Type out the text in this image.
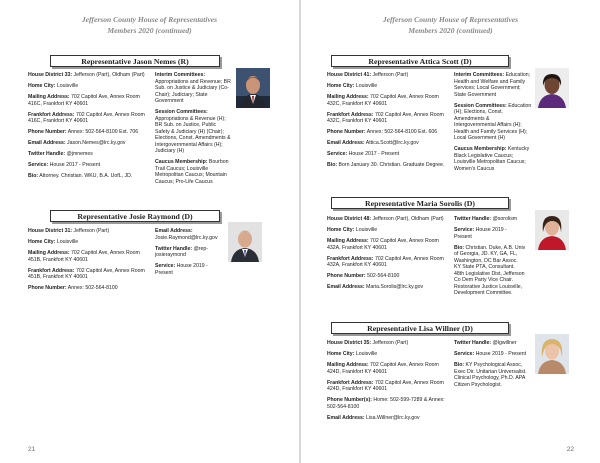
Jefferson County House of Representatives
Members 2020 (continued)
Representative Jason Nemes (R)

House District 33: Jefferson (Part), Oldham (Part)

Home City: Louisville

Mailing Address: 702 Capitol Ave, Annex Room 416C, Frankfort KY 40601

Frankfort Address: 702 Capitol Ave, Annex Room 416C, Frankfort KY 40601

Phone Number: Annex: 502-564-8100 Ext. 706

Email Address: Jason.Nemes@lrc.ky.gov

Twitter Handle: @jmnemes

Service: House 2017 - Present

Bio: Attorney. Christian. WKU, B.A. UofL, JD.

Interim Committees: Appropriations and Revenue; BR Sub. on Justice & Judiciary (Co-Chair); Judiciary; State Government

Session Committees: Appropriations & Revenue (H); BR Sub. on Justice, Public Safety & Judiciary (H) (Chair); Elections, Const. Amendments & Intergovernmental Affairs (H); Judiciary (H)

Caucus Membership: Bourbon Trail Caucus; Louisville Metropolitan Caucus; Mountain Caucus; Pro-Life Caucus

Representative Josie Raymond (D)

House District 31: Jefferson (Part)

Home City: Louisville

Mailing Address: 702 Capitol Ave, Annex Room 451B, Frankfort KY 40601

Frankfort Address: 702 Capitol Ave, Annex Room 451B, Frankfort KY 40601

Phone Number: Annex: 502-564-8100

Email Address: Josie.Raymond@lrc.ky.gov

Twitter Handle: @rep-josieraymond

Service: House 2019 - Present

21
Jefferson County House of Representatives
Members 2020 (continued)
Representative Attica Scott (D)

House District 41: Jefferson (Part)

Home City: Louisville

Mailing Address: 702 Capitol Ave, Annex Room 432C, Frankfort KY 40601

Frankfort Address: 702 Capitol Ave, Annex Room 432C, Frankfort KY 40601

Phone Number: Annex: 502-564-8100 Ext. 606

Email Address: Attica.Scott@lrc.ky.gov

Service: House 2017 - Present

Bio: Born January 30. Christian. Graduate Degree.

Interim Committees: Education; Health and Welfare and Family Services; Local Government; State Government

Session Committees: Education (H); Elections, Const. Amendments & Intergovernmental Affairs (H); Health and Family Services (H); Local Government (H)

Caucus Membership: Kentucky Black Legislative Caucus; Louisville Metropolitan Caucus; Women's Caucus

Representative Maria Sorolis (D)

House District 48: Jefferson (Part), Oldham (Part)

Home City: Louisville

Mailing Address: 702 Capitol Ave, Annex Room 432A, Frankfort KY 40601

Frankfort Address: 702 Capitol Ave, Annex Room 432A, Frankfort KY 40601

Phone Number: 502-564-8100

Email Address: Maria.Sorolis@lrc.ky.gov

Twitter Handle: @sorolism

Service: House 2019 - Present

Bio: Christian. Duke, A.B. Univ of Georgia, JD. KY, GA, FL, Washington, DC Bar Assoc. KY State PTA, Consultant. 48th Legislative Dist, Jefferson Co Dem Party Vice Chair. Restorative Justice Louisville, Development Committee.

Representative Lisa Willner (D)

House District 35: Jefferson (Part)

Home City: Louisville

Mailing Address: 702 Capitol Ave, Annex Room 424D, Frankfort KY 40601

Frankfort Address: 702 Capitol Ave, Annex Room 424D, Frankfort KY 40601

Phone Number(s): Home: 502-599-7289 & Annex: 502-564-8100

Email Address: Lisa.Willner@lrc.ky.gov

Twitter Handle: @lgwillner

Service: House 2019 - Present

Bio: KY Psychological Assoc, Exec Dir. Unitarian Universalist. Clinical Psychology, Ph.D. APA Citizen Psychologist.

22
